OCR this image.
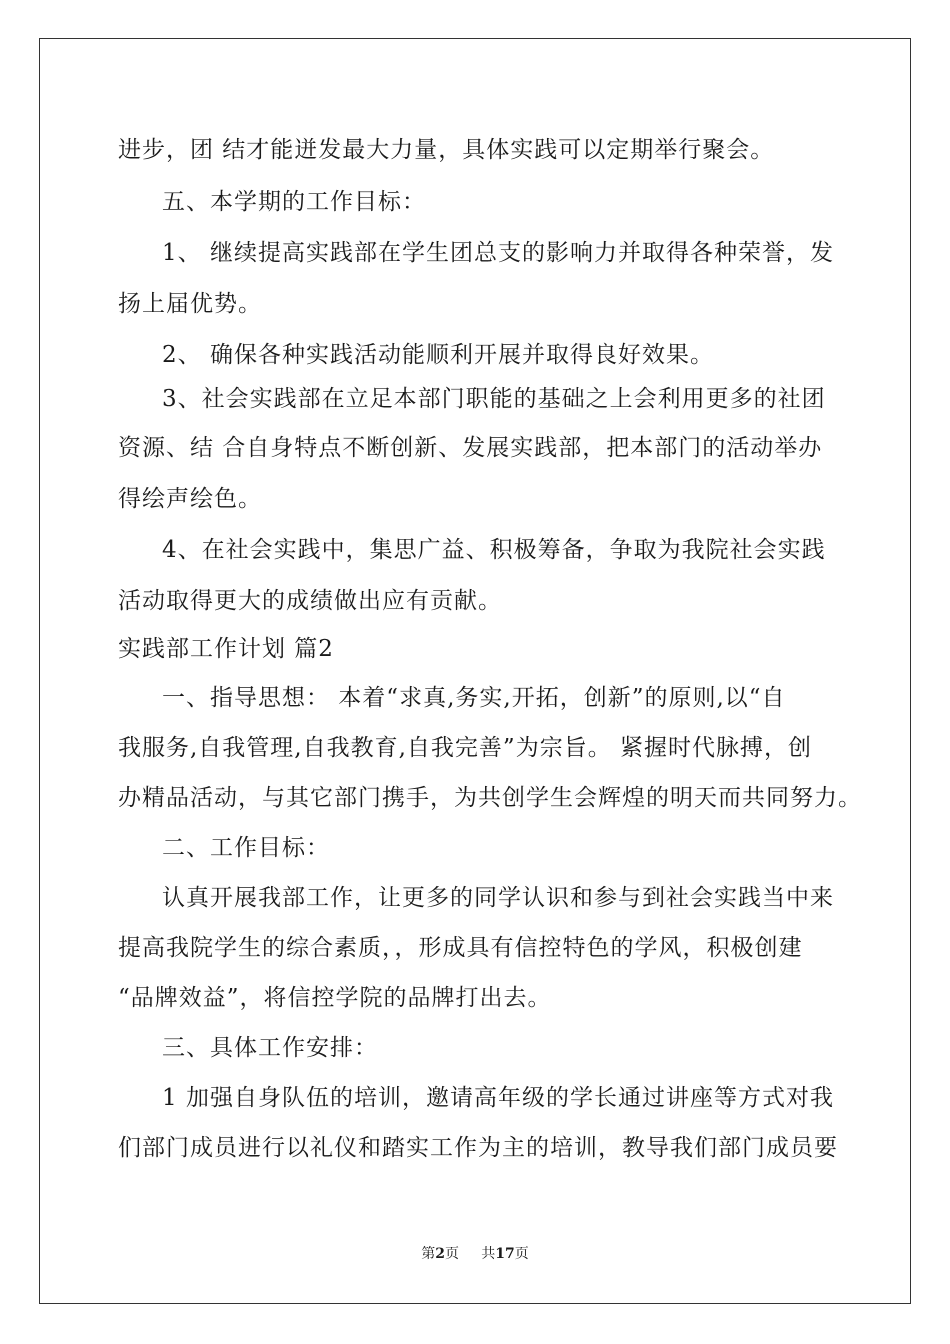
进步，团 结才能迸发最大力量，具体实践可以定期举行聚会。
五、本学期的工作目标：
1、 继续提高实践部在学生团总支的影响力并取得各种荣誉，发
扬上届优势。
2、 确保各种实践活动能顺利开展并取得良好效果。
3、社会实践部在立足本部门职能的基础之上会利用更多的社团
资源、结 合自身特点不断创新、发展实践部，把本部门的活动举办
得绘声绘色。
4、在社会实践中，集思广益、积极筹备，争取为我院社会实践
活动取得更大的成绩做出应有贡献。
实践部工作计划 篇2
一、指导思想： 本着“求真,务实,开拓，创新”的原则,以“自
我服务,自我管理,自我教育,自我完善”为宗旨。 紧握时代脉搏，创
办精品活动，与其它部门携手，为共创学生会辉煌的明天而共同努力。
二、工作目标：
认真开展我部工作，让更多的同学认识和参与到社会实践当中来
提高我院学生的综合素质，，形成具有信控特色的学风，积极创建
“品牌效益”，将信控学院的品牌打出去。
三、具体工作安排：
1 加强自身队伍的培训，邀请高年级的学长通过讲座等方式对我
们部门成员进行以礼仪和踏实工作为主的培训，教导我们部门成员要
第2页 共17页
